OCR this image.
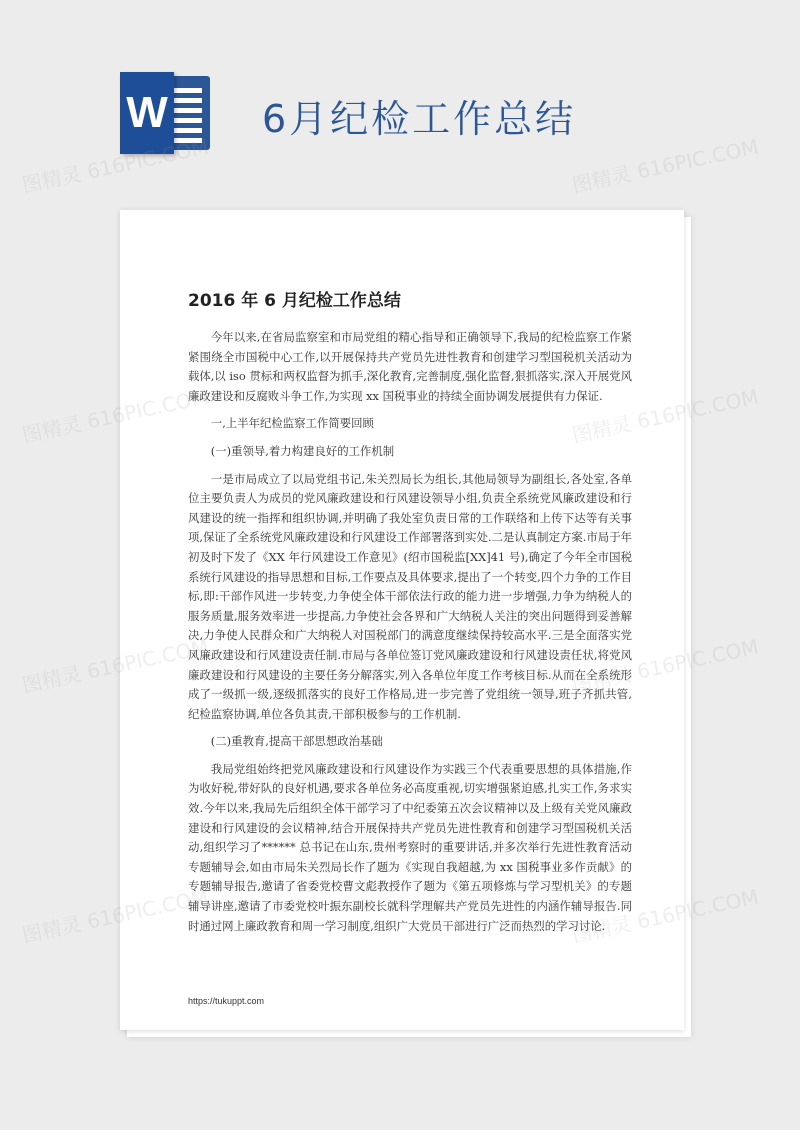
W 6月纪检工作总结
2016 年 6 月纪检工作总结

今年以来,在省局监察室和市局党组的精心指导和正确领导下,我局的纪检监察工作紧紧围绕全市国税中心工作,以开展保持共产党员先进性教育和创建学习型国税机关活动为载体,以 iso 贯标和两权监督为抓手,深化教育,完善制度,强化监督,狠抓落实,深入开展党风廉政建设和反腐败斗争工作,为实现 xx 国税事业的持续全面协调发展提供有力保证.

一,上半年纪检监察工作简要回顾

(一)重领导,着力构建良好的工作机制

一是市局成立了以局党组书记,朱关烈局长为组长,其他局领导为副组长,各处室,各单位主要负责人为成员的党风廉政建设和行风建设领导小组,负责全系统党风廉政建设和行风建设的统一指挥和组织协调,并明确了我处室负责日常的工作联络和上传下达等有关事项,保证了全系统党风廉政建设和行风建设工作部署落到实处.二是认真制定方案.市局于年初及时下发了《XX 年行风建设工作意见》(绍市国税监[XX]41 号),确定了今年全市国税系统行风建设的指导思想和目标,工作要点及具体要求,提出了一个转变,四个力争的工作目标,即:干部作风进一步转变,力争使全体干部依法行政的能力进一步增强,力争为纳税人的服务质量,服务效率进一步提高,力争使社会各界和广大纳税人关注的突出问题得到妥善解决,力争使人民群众和广大纳税人对国税部门的满意度继续保持较高水平.三是全面落实党风廉政建设和行风建设责任制.市局与各单位签订党风廉政建设和行风建设责任状,将党风廉政建设和行风建设的主要任务分解落实,列入各单位年度工作考核目标.从而在全系统形成了一级抓一级,逐级抓落实的良好工作格局,进一步完善了党组统一领导,班子齐抓共管,纪检监察协调,单位各负其责,干部积极参与的工作机制.

(二)重教育,提高干部思想政治基础

我局党组始终把党风廉政建设和行风建设作为实践三个代表重要思想的具体措施,作为收好税,带好队的良好机遇,要求各单位务必高度重视,切实增强紧迫感,扎实工作,务求实效.今年以来,我局先后组织全体干部学习了中纪委第五次会议精神以及上级有关党风廉政建设和行风建设的会议精神,结合开展保持共产党员先进性教育和创建学习型国税机关活动,组织学习了****** 总书记在山东,贵州考察时的重要讲话,并多次举行先进性教育活动专题辅导会,如由市局朱关烈局长作了题为《实现自我超越,为 xx 国税事业多作贡献》的专题辅导报告,邀请了省委党校曹文彪教授作了题为《第五项修炼与学习型机关》的专题辅导讲座,邀请了市委党校叶振东副校长就科学理解共产党员先进性的内涵作辅导报告.同时通过网上廉政教育和周一学习制度,组织广大党员干部进行广泛而热烈的学习讨论.

https://tukuppt.com
图精灵 616PIC.COM	图精灵 616PIC.COM
图精灵 616PIC.COM	616PIC.COM
图精灵 616PIC.COM	616PIC.COM
图精灵 616PIC.COM	616PIC.COM
